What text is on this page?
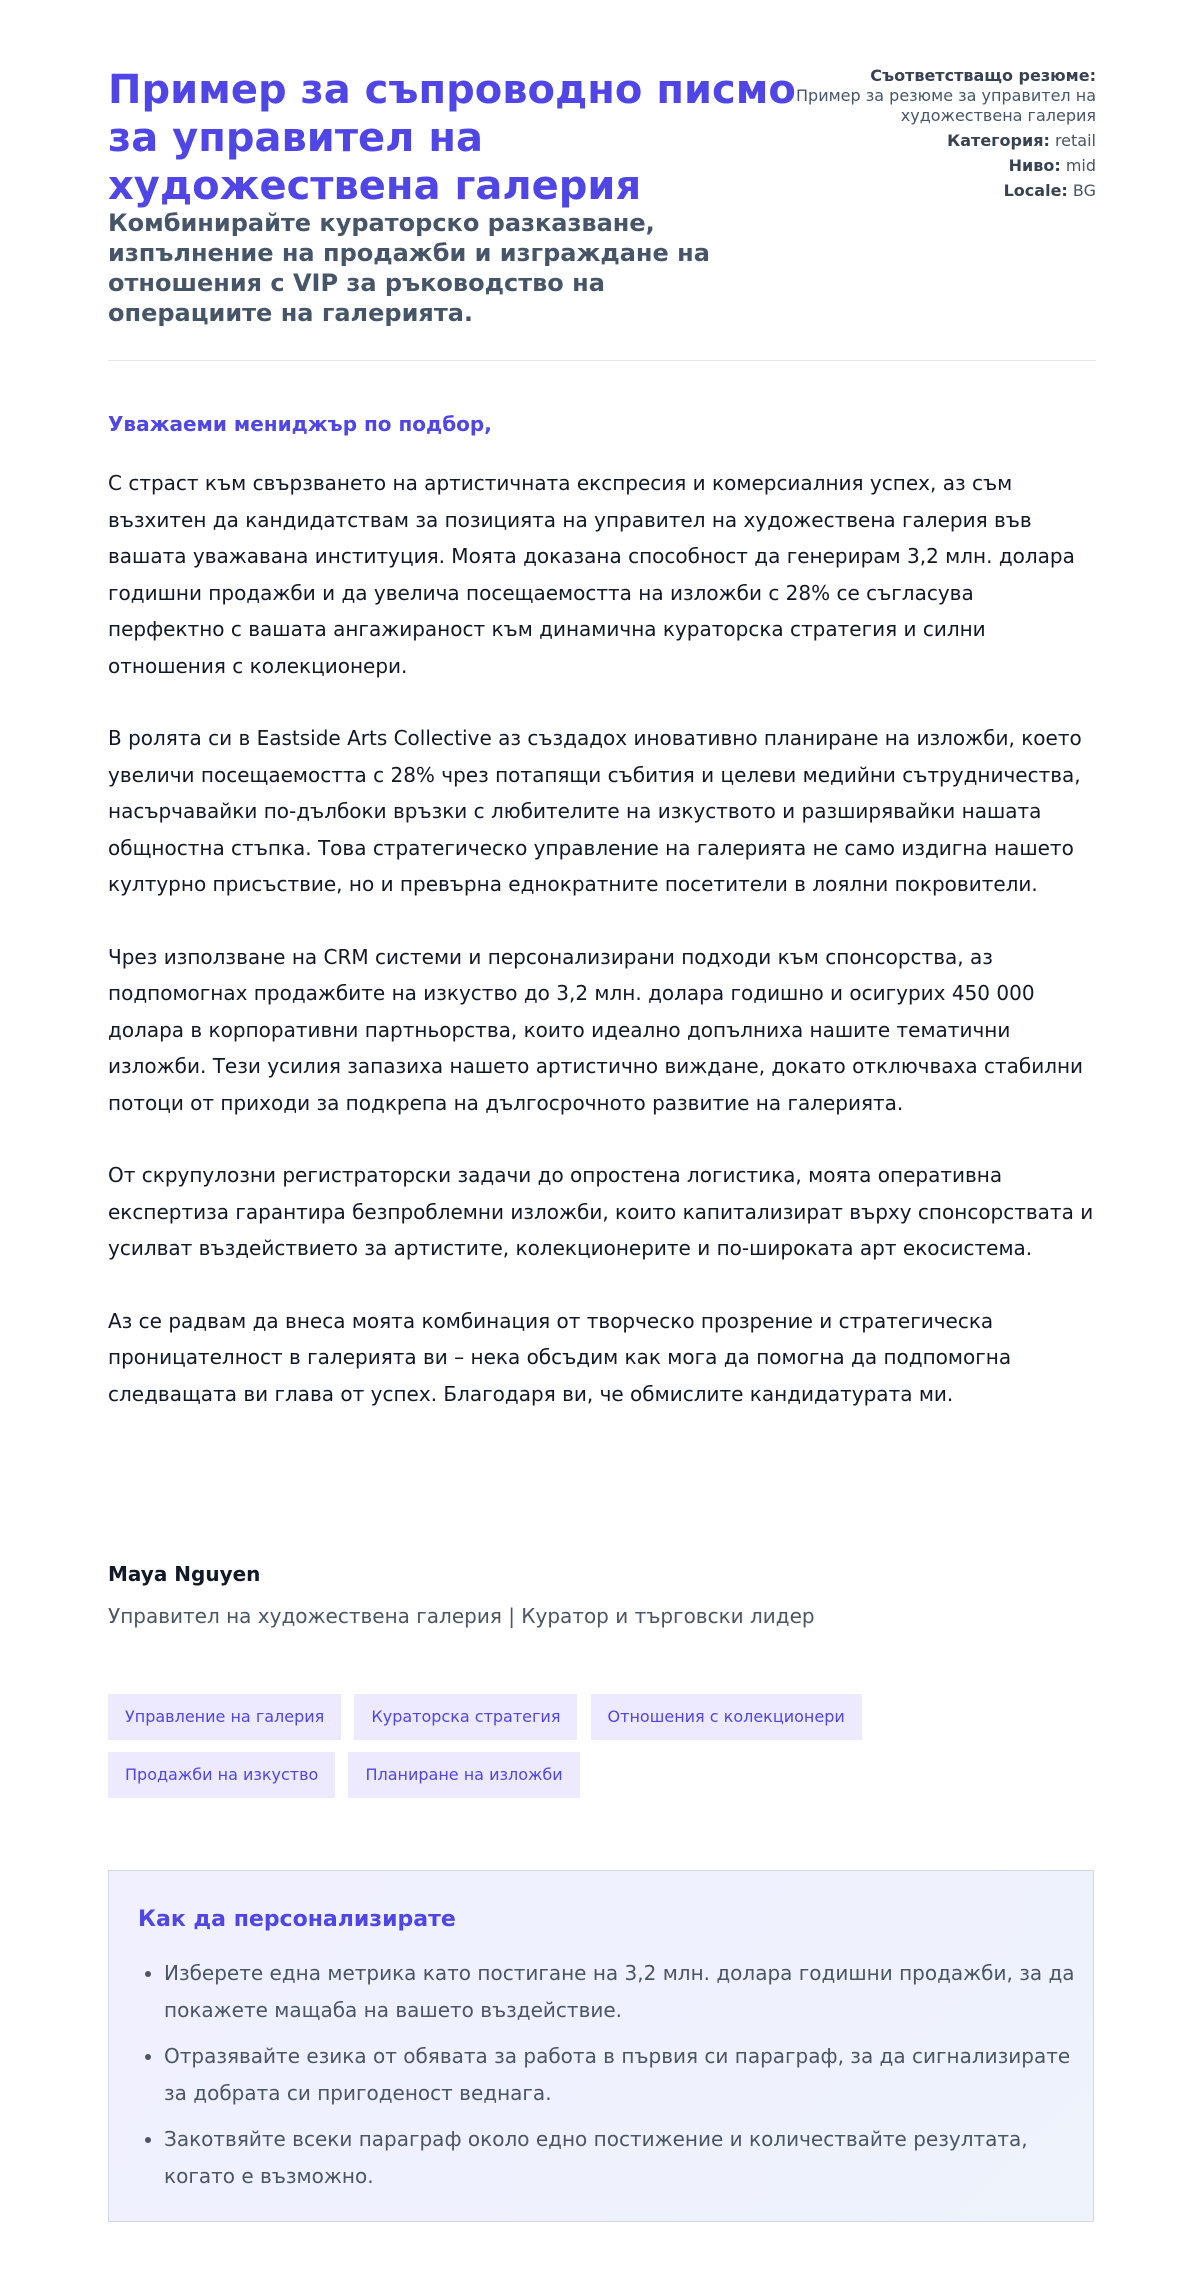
Пример за съпроводно писмо за управител на художествена галерия

Комбинирайте кураторско разказване, изпълнение на продажби и изграждане на отношения с VIP за ръководство на операциите на галерията.

Съответстващо резюме:
Пример за резюме за управител на художествена галерия
Категория: retail
Ниво: mid
Locale: BG

Уважаеми мениджър по подбор,

С страст към свързването на артистичната експресия и комерсиалния успех, аз съм възхитен да кандидатствам за позицията на управител на художествена галерия във вашата уважавана институция. Моята доказана способност да генерирам 3,2 млн. долара годишни продажби и да увелича посещаемостта на изложби с 28% се съгласува перфектно с вашата ангажираност към динамична кураторска стратегия и силни отношения с колекционери.

В ролята си в Eastside Arts Collective аз създадох иновативно планиране на изложби, което увеличи посещаемостта с 28% чрез потапящи събития и целеви медийни сътрудничества, насърчавайки по-дълбоки връзки с любителите на изкуството и разширявайки нашата общностна стъпка. Това стратегическо управление на галерията не само издигна нашето културно присъствие, но и превърна еднократните посетители в лоялни покровители.

Чрез използване на CRM системи и персонализирани подходи към спонсорства, аз подпомогнах продажбите на изкуство до 3,2 млн. долара годишно и осигурих 450 000 долара в корпоративни партньорства, които идеално допълниха нашите тематични изложби. Тези усилия запазиха нашето артистично виждане, докато отключваха стабилни потоци от приходи за подкрепа на дългосрочното развитие на галерията.

От скрупулозни регистраторски задачи до опростена логистика, моята оперативна експертиза гарантира безпроблемни изложби, които капитализират върху спонсорствата и усилват въздействието за артистите, колекционерите и по-широката арт екосистема.

Аз се радвам да внеса моята комбинация от творческо прозрение и стратегическа проницателност в галерията ви – нека обсъдим как мога да помогна да подпомогна следващата ви глава от успех. Благодаря ви, че обмислите кандидатурата ми.

Maya Nguyen

Управител на художествена галерия | Куратор и търговски лидер

Управление на галерия	Кураторска стратегия	Отношения с колекционери
Продажби на изкуство	Планиране на изложби
Как да персонализирате
• Изберете една метрика като постигане на 3,2 млн. долара годишни продажби, за да покажете мащаба на вашето въздействие.
• Отразявайте езика от обявата за работа в първия си параграф, за да сигнализирате за добрата си пригоденост веднага.
• Закотвяйте всеки параграф около едно постижение и количествайте резултата, когато е възможно.
